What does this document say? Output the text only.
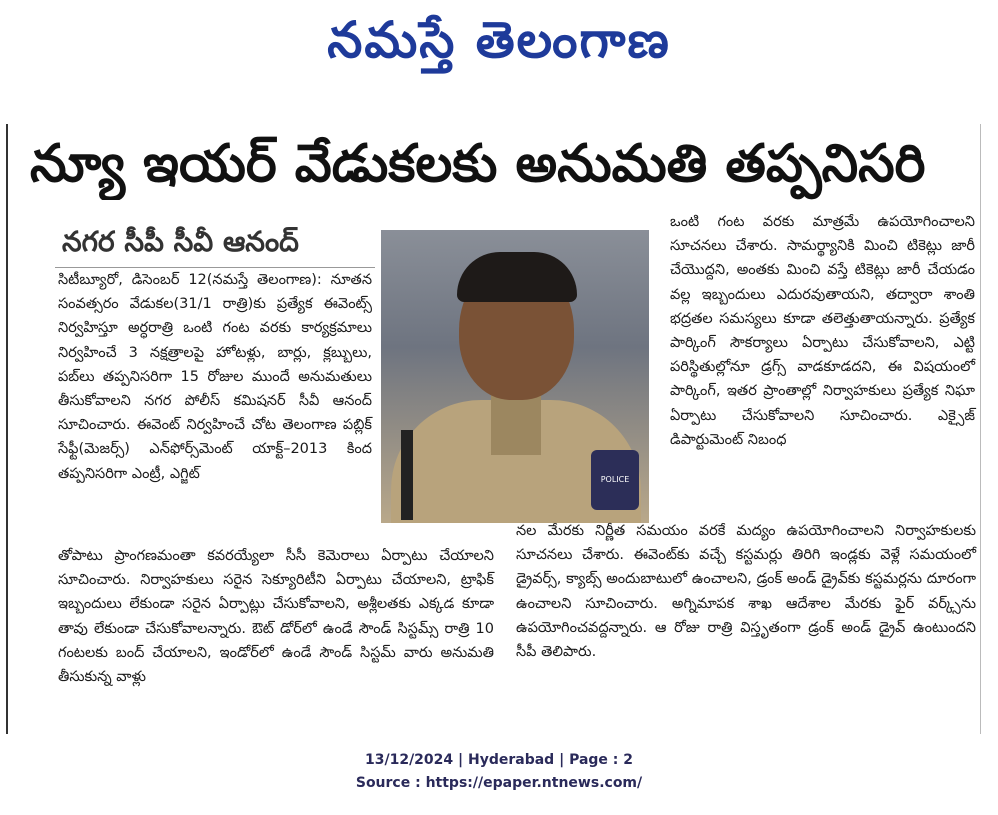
నమస్తే తెలంగాణ
న్యూ ఇయర్ వేడుకలకు అనుమతి తప్పనిసరి
నగర సీపీ సీవీ ఆనంద్
POLICE

సిటీబ్యూరో, డిసెంబర్ 12(నమస్తే తెలంగాణ): నూతన సంవత్సరం వేడుకల(31/1 రాత్రి)కు ప్రత్యేక ఈవెంట్స్ నిర్వహిస్తూ అర్ధరాత్రి ఒంటి గంట వరకు కార్యక్రమాలు నిర్వహించే 3 నక్షత్రాలపై హోటళ్లు, బార్లు, క్లబ్బులు, పబ్‌లు తప్పనిసరిగా 15 రోజుల ముందే అనుమతులు తీసుకోవాలని నగర పోలీస్ కమిషనర్ సీవీ ఆనంద్ సూచించారు. ఈవెంట్ నిర్వహించే చోట తెలంగాణ పబ్లిక్ సేఫ్టీ(మెజర్స్) ఎన్‌ఫోర్స్‌మెంట్ యాక్ట్–2013 కింద తప్పనిసరిగా ఎంట్రీ, ఎగ్జిట్

తోపాటు ప్రాంగణమంతా కవరయ్యేలా సీసీ కెమెరాలు ఏర్పాటు చేయాలని సూచించారు. నిర్వాహకులు సరైన సెక్యూరిటీని ఏర్పాటు చేయాలని, ట్రాఫిక్ ఇబ్బందులు లేకుండా సరైన ఏర్పాట్లు చేసుకోవాలని, అశ్లీలతకు ఎక్కడ కూడా తావు లేకుండా చేసుకోవాలన్నారు. ఔట్ డోర్‌లో ఉండే సౌండ్ సిస్టమ్స్ రాత్రి 10 గంటలకు బంద్ చేయాలని, ఇండోర్‌లో ఉండే సౌండ్ సిస్టమ్ వారు అనుమతి తీసుకున్న వాళ్లు

ఒంటి గంట వరకు మాత్రమే ఉపయోగించాలని సూచనలు చేశారు. సామర్థ్యానికి మించి టికెట్లు జారీ చేయొద్దని, అంతకు మించి వస్తే టికెట్లు జారీ చేయడం వల్ల ఇబ్బందులు ఎదురవుతాయని, తద్వారా శాంతి భద్రతల సమస్యలు కూడా తలెత్తుతాయన్నారు. ప్రత్యేక పార్కింగ్ సౌకర్యాలు ఏర్పాటు చేసుకోవాలని, ఎట్టి పరిస్థితుల్లోనూ డ్రగ్స్ వాడకూడదని, ఈ విషయంలో పార్కింగ్, ఇతర ప్రాంతాల్లో నిర్వాహకులు ప్రత్యేక నిఘా ఏర్పాటు చేసుకోవాలని సూచించారు. ఎక్సైజ్ డిపార్టుమెంట్ నిబంధ

నల మేరకు నిర్ణీత సమయం వరకే మద్యం ఉపయోగించాలని నిర్వాహకులకు సూచనలు చేశారు. ఈవెంట్‌కు వచ్చే కస్టమర్లు తిరిగి ఇండ్లకు వెళ్లే సమయంలో డ్రైవర్స్, క్యాబ్స్ అందుబాటులో ఉంచాలని, డ్రంక్ అండ్ డ్రైవ్‌కు కస్టమర్లను దూరంగా ఉంచాలని సూచించారు. అగ్నిమాపక శాఖ ఆదేశాల మేరకు ఫైర్ వర్క్స్‌ను ఉపయోగించవద్దన్నారు. ఆ రోజు రాత్రి విస్తృతంగా డ్రంక్ అండ్ డ్రైవ్ ఉంటుందని సీపీ తెలిపారు.

13/12/2024 | Hyderabad | Page : 2
Source : https://epaper.ntnews.com/
